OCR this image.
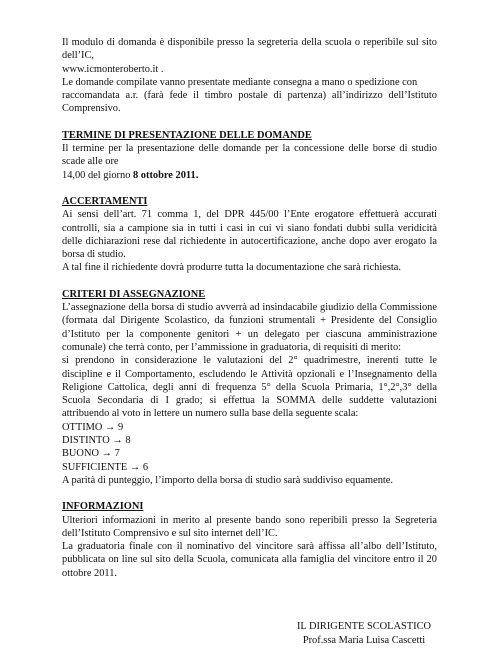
Il modulo di domanda è disponibile presso la segreteria della scuola o reperibile sul sito dell’IC,

www.icmonteroberto.it .

Le domande compilate vanno presentate mediante consegna a mano o spedizione con

raccomandata a.r. (farà fede il timbro postale di partenza) all’indirizzo dell’Istituto Comprensivo.

TERMINE DI PRESENTAZIONE DELLE DOMANDE

Il termine per la presentazione delle domande per la concessione delle borse di studio scade alle ore

14,00 del giorno 8 ottobre 2011.

ACCERTAMENTI

Ai sensi dell’art. 71 comma 1, del DPR 445/00 l’Ente erogatore effettuerà accurati controlli, sia a campione sia in tutti i casi in cui vi siano fondati dubbi sulla veridicità delle dichiarazioni rese dal richiedente in autocertificazione, anche dopo aver erogato la borsa di studio.

A tal fine il richiedente dovrà produrre tutta la documentazione che sarà richiesta.

CRITERI DI ASSEGNAZIONE

L’assegnazione della borsa di studio avverrà ad insindacabile giudizio della Commissione (formata dal Dirigente Scolastico, da funzioni strumentali + Presidente del Consiglio d’Istituto per la componente genitori + un delegato per ciascuna amministrazione comunale) che terrà conto, per l’ammissione in graduatoria, di requisiti di merito:

si prendono in considerazione le valutazioni del 2° quadrimestre, inerenti tutte le discipline e il Comportamento, escludendo le Attività opzionali e l’Insegnamento della Religione Cattolica, degli anni di frequenza 5° della Scuola Primaria, 1°,2°,3° della Scuola Secondaria di I grado; si effettua la SOMMA delle suddette valutazioni attribuendo al voto in lettere un numero sulla base della seguente scala:

OTTIMO → 9
DISTINTO → 8
BUONO → 7
SUFFICIENTE → 6

A parità di punteggio, l’importo della borsa di studio sarà suddiviso equamente.

INFORMAZIONI

Ulteriori informazioni in merito al presente bando sono reperibili presso la Segreteria dell’Istituto Comprensivo e sul sito internet dell’IC.

La graduatoria finale con il nominativo del vincitore sarà affissa all’albo dell’Istituto, pubblicata on line sul sito della Scuola, comunicata alla famiglia del vincitore entro il 20 ottobre 2011.

IL DIRIGENTE SCOLASTICO
Prof.ssa Maria Luisa Cascetti
